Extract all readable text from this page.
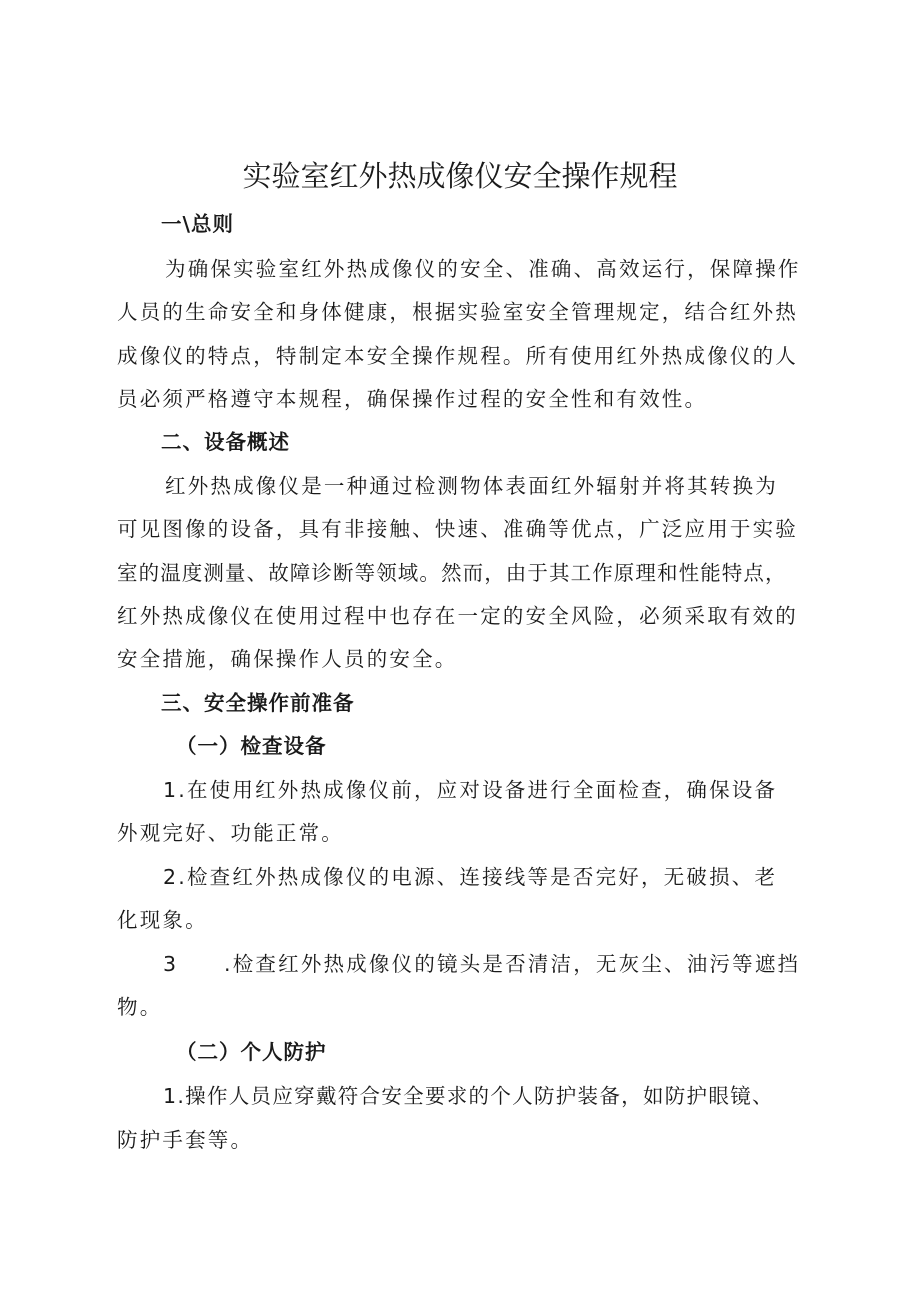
实验室红外热成像仪安全操作规程
一\总则
为确保实验室红外热成像仪的安全、准确、高效运行，保障操作
人员的生命安全和身体健康，根据实验室安全管理规定，结合红外热
成像仪的特点，特制定本安全操作规程。所有使用红外热成像仪的人
员必须严格遵守本规程，确保操作过程的安全性和有效性。
二、设备概述
红外热成像仪是一种通过检测物体表面红外辐射并将其转换为
可见图像的设备，具有非接触、快速、准确等优点，广泛应用于实验
室的温度测量、故障诊断等领域。然而，由于其工作原理和性能特点，
红外热成像仪在使用过程中也存在一定的安全风险，必须采取有效的
安全措施，确保操作人员的安全。
三、安全操作前准备
（一）检查设备
1.在使用红外热成像仪前，应对设备进行全面检查，确保设备
外观完好、功能正常。
2.检查红外热成像仪的电源、连接线等是否完好，无破损、老
化现象。
3 .检查红外热成像仪的镜头是否清洁，无灰尘、油污等遮挡
物。
（二）个人防护
1.操作人员应穿戴符合安全要求的个人防护装备，如防护眼镜、
防护手套等。
